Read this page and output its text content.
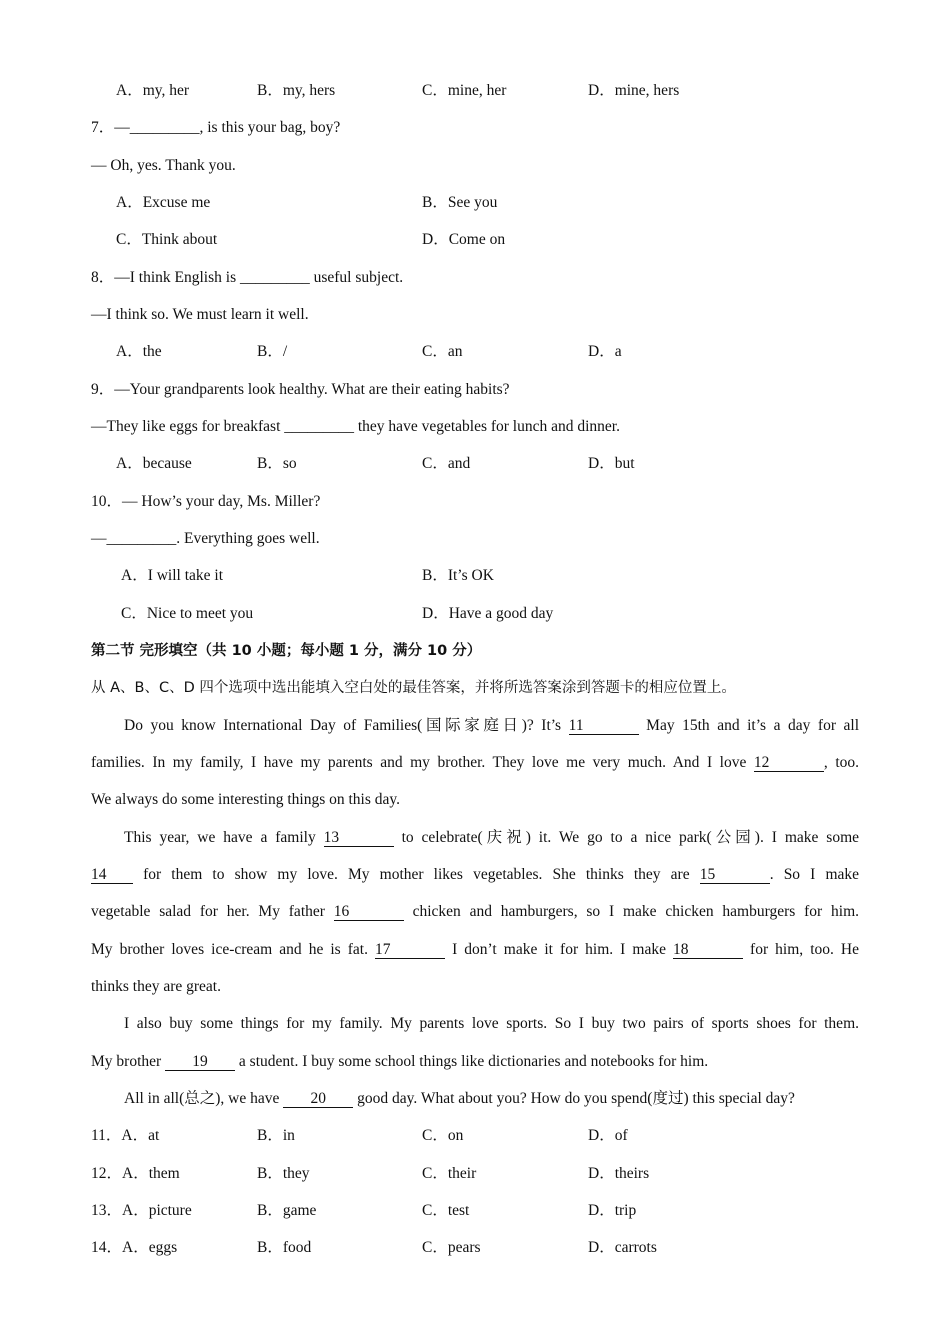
A．my, her	B．my, hers	C．mine, her	D．mine, hers
7．—_________, is this your bag, boy?
— Oh, yes. Thank you.
A．Excuse me	B．See you
C．Think about	D．Come on
8．—I think English is _________ useful subject.
—I think so. We must learn it well.
A．the	B．/	C．an	D．a
9．—Your grandparents look healthy. What are their eating habits?
—They like eggs for breakfast _________ they have vegetables for lunch and dinner.
A．because	B．so	C．and	D．but
10．— How’s your day, Ms. Miller?
—_________. Everything goes well.
A．I will take it	B．It’s OK
C．Nice to meet you	D．Have a good day
第二节 完形填空（共 10 小题；每小题 1 分，满分 10 分）
从 A、B、C、D 四个选项中选出能填入空白处的最佳答案，并将所选答案涂到答题卡的相应位置上。
Do you know International Day of Families(国际家庭日)? It’s 11	May 15th and it’s a day for all
families. In my family, I have my parents and my brother. They love me very much. And I love 12	, too.
We always do some interesting things on this day.
This year, we have a family 13	to celebrate(庆祝) it. We go to a nice park(公园). I make some
14 for them to show my love. My mother likes vegetables. She thinks they are 15	. So I make
vegetable salad for her. My father 16	chicken and hamburgers, so I make chicken hamburgers for him.
My brother loves ice-cream and he is fat. 17	I don’t make it for him. I make 18	for him, too. He
thinks they are great.
I also buy some things for my family. My parents love sports. So I buy two pairs of sports shoes for them.
My brother 19 a student. I buy some school things like dictionaries and notebooks for him.
All in all(总之), we have 20 good day. What about you? How do you spend(度过) this special day?
11．A．at	B．in	C．on	D．of
12．A．them	B．they	C．their	D．theirs
13．A．picture	B．game	C．test	D．trip
14．A．eggs	B．food	C．pears	D．carrots
